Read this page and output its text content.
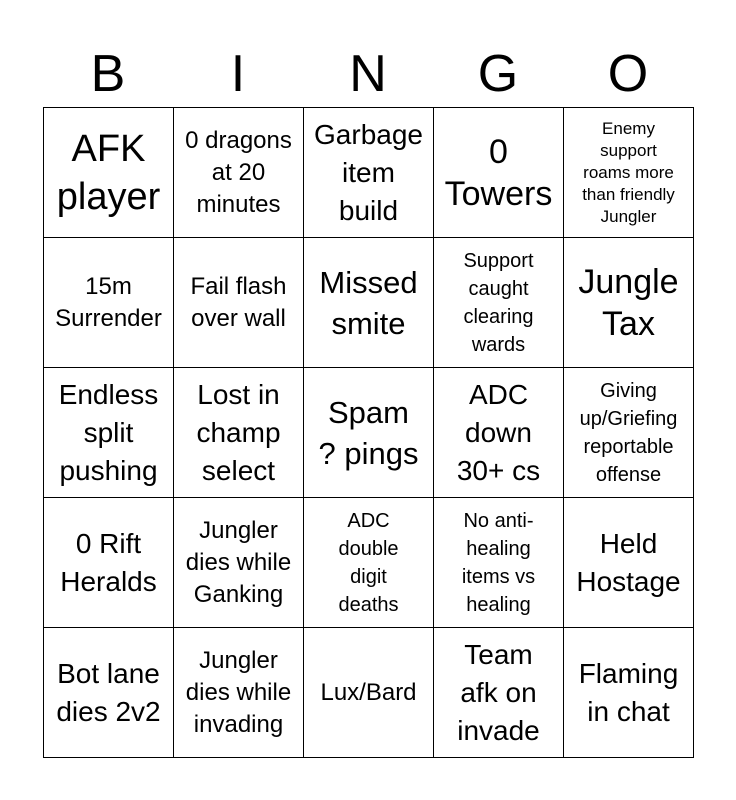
B	I	N	G	O
AFK
player	0 dragons
at 20
minutes	Garbage
item
build	0
Towers	Enemy
support
roams more
than friendly
Jungler

15m
Surrender	Fail flash
over wall	Missed
smite	Support
caught
clearing
wards	Jungle
Tax

Endless
split
pushing	Lost in
champ
select	Spam
? pings	ADC
down
30+ cs	Giving
up/Griefing
reportable
offense

0 Rift
Heralds	Jungler
dies while
Ganking	ADC
double
digit
deaths	No anti-
healing
items vs
healing	Held
Hostage

Bot lane
dies 2v2	Jungler
dies while
invading	Lux/Bard	Team
afk on
invade	Flaming
in chat
